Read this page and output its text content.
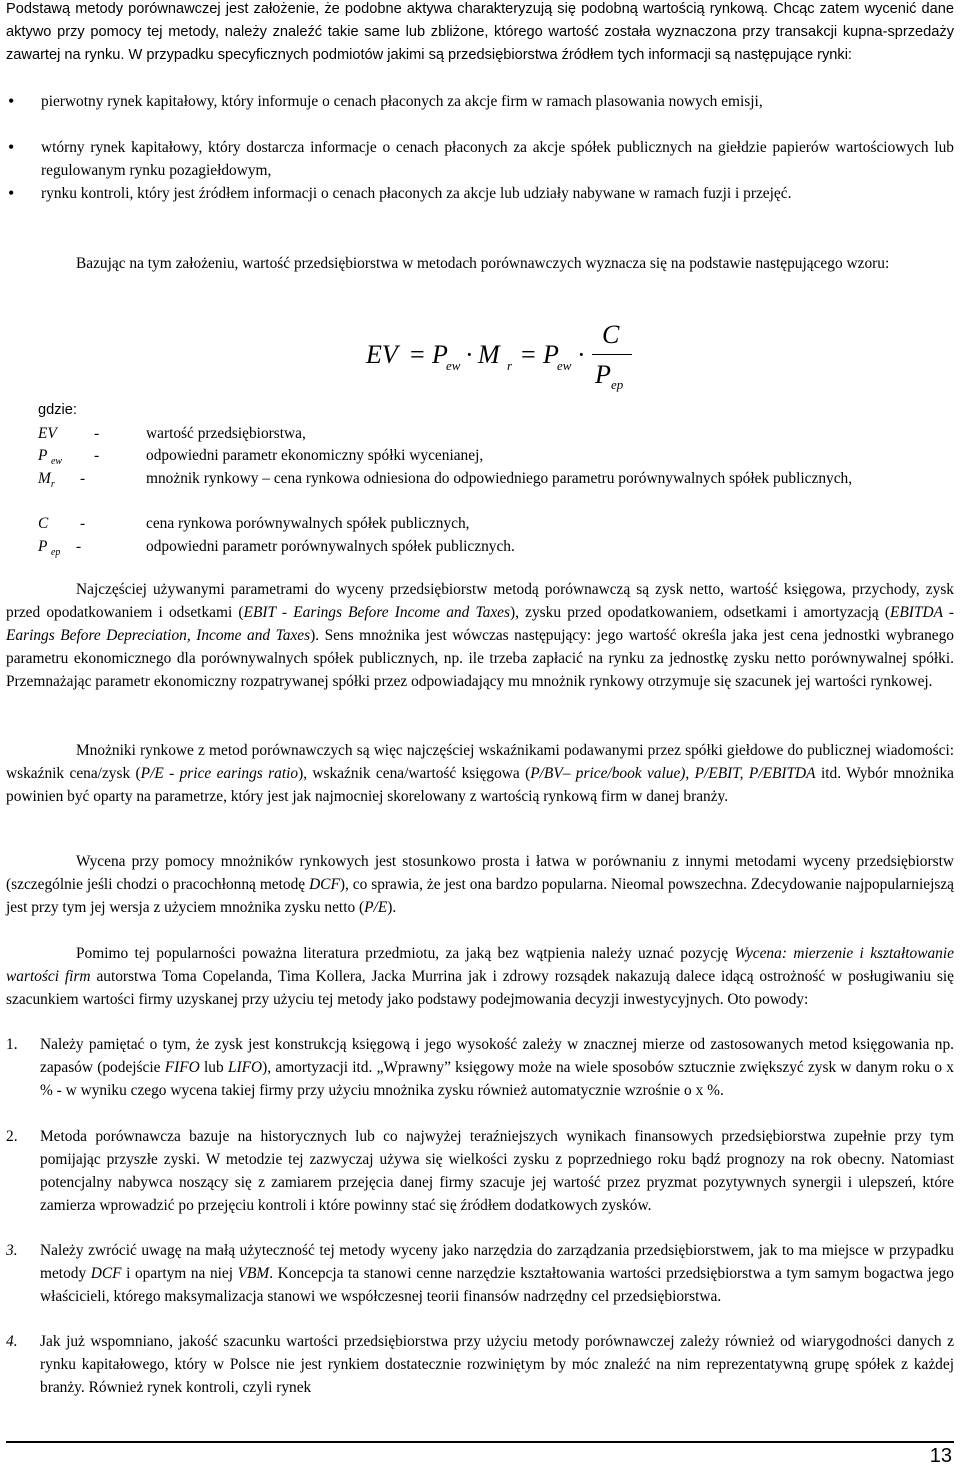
Podstawą metody porównawczej jest założenie, że podobne aktywa charakteryzują się podobną wartością rynkową. Chcąc zatem wycenić dane aktywo przy pomocy tej metody, należy znaleźć takie same lub zbliżone, którego wartość została wyznaczona przy transakcji kupna-sprzedaży zawartej na rynku. W przypadku specyficznych podmiotów jakimi są przedsiębiorstwa źródłem tych informacji są następujące rynki:

•	pierwotny rynek kapitałowy, który informuje o cenach płaconych za akcje firm w ramach plasowania nowych emisji,
•	wtórny rynek kapitałowy, który dostarcza informacje o cenach płaconych za akcje spółek publicznych na giełdzie papierów wartościowych lub regulowanym rynku pozagiełdowym,
•	rynku kontroli, który jest źródłem informacji o cenach płaconych za akcje lub udziały nabywane w ramach fuzji i przejęć.

Bazując na tym założeniu, wartość przedsiębiorstwa w metodach porównawczych wyznacza się na podstawie następującego wzoru:

EV = P
ew · M r = P
ew ·
C
P ep
gdzie:
EV	-	wartość przedsiębiorstwa,
P $_{ew}$	-	odpowiedni parametr ekonomiczny spółki wycenianej,
$M_r$	-	mnożnik rynkowy – cena rynkowa odniesiona do odpowiedniego parametru porównywalnych spółek publicznych,
C	-	cena rynkowa porównywalnych spółek publicznych,
P $_{ep}$	-	odpowiedni parametr porównywalnych spółek publicznych.

Najczęściej używanymi parametrami do wyceny przedsiębiorstw metodą porównawczą są zysk netto, wartość księgowa, przychody, zysk przed opodatkowaniem i odsetkami (EBIT - Earings Before Income and Taxes), zysku przed opodatkowaniem, odsetkami i amortyzacją (EBITDA - Earings Before Depreciation, Income and Taxes). Sens mnożnika jest wówczas następujący: jego wartość określa jaka jest cena jednostki wybranego parametru ekonomicznego dla porównywalnych spółek publicznych, np. ile trzeba zapłacić na rynku za jednostkę zysku netto porównywalnej spółki. Przemnażając parametr ekonomiczny rozpatrywanej spółki przez odpowiadający mu mnożnik rynkowy otrzymuje się szacunek jej wartości rynkowej.

Mnożniki rynkowe z metod porównawczych są więc najczęściej wskaźnikami podawanymi przez spółki giełdowe do publicznej wiadomości: wskaźnik cena/zysk (P/E - price earings ratio), wskaźnik cena/wartość księgowa (P/BV– price/book value), P/EBIT, P/EBITDA itd. Wybór mnożnika powinien być oparty na parametrze, który jest jak najmocniej skorelowany z wartością rynkową firm w danej branży.

Wycena przy pomocy mnożników rynkowych jest stosunkowo prosta i łatwa w porównaniu z innymi metodami wyceny przedsiębiorstw (szczególnie jeśli chodzi o pracochłonną metodę DCF), co sprawia, że jest ona bardzo popularna. Nieomal powszechna. Zdecydowanie najpopularniejszą jest przy tym jej wersja z użyciem mnożnika zysku netto (P/E).

Pomimo tej popularności poważna literatura przedmiotu, za jaką bez wątpienia należy uznać pozycję Wycena: mierzenie i kształtowanie wartości firm autorstwa Toma Copelanda, Tima Kollera, Jacka Murrina jak i zdrowy rozsądek nakazują dalece idącą ostrożność w posługiwaniu się szacunkiem wartości firmy uzyskanej przy użyciu tej metody jako podstawy podejmowania decyzji inwestycyjnych. Oto powody:

1. Należy pamiętać o tym, że zysk jest konstrukcją księgową i jego wysokość zależy w znacznej mierze od zastosowanych metod księgowania np. zapasów (podejście FIFO lub LIFO), amortyzacji itd. „Wprawny” księgowy może na wiele sposobów sztucznie zwiększyć zysk w danym roku o x % - w wyniku czego wycena takiej firmy przy użyciu mnożnika zysku również automatycznie wzrośnie o x %.
2. Metoda porównawcza bazuje na historycznych lub co najwyżej teraźniejszych wynikach finansowych przedsiębiorstwa zupełnie przy tym pomijając przyszłe zyski. W metodzie tej zazwyczaj używa się wielkości zysku z poprzedniego roku bądź prognozy na rok obecny. Natomiast potencjalny nabywca noszący się z zamiarem przejęcia danej firmy szacuje jej wartość przez pryzmat pozytywnych synergii i ulepszeń, które zamierza wprowadzić po przejęciu kontroli i które powinny stać się źródłem dodatkowych zysków.
3. Należy zwrócić uwagę na małą użyteczność tej metody wyceny jako narzędzia do zarządzania przedsiębiorstwem, jak to ma miejsce w przypadku metody DCF i opartym na niej VBM. Koncepcja ta stanowi cenne narzędzie kształtowania wartości przedsiębiorstwa a tym samym bogactwa jego właścicieli, którego maksymalizacja stanowi we współczesnej teorii finansów nadrzędny cel przedsiębiorstwa.
4. Jak już wspomniano, jakość szacunku wartości przedsiębiorstwa przy użyciu metody porównawczej zależy również od wiarygodności danych z rynku kapitałowego, który w Polsce nie jest rynkiem dostatecznie rozwiniętym by móc znaleźć na nim reprezentatywną grupę spółek z każdej branży. Również rynek kontroli, czyli rynek
13
